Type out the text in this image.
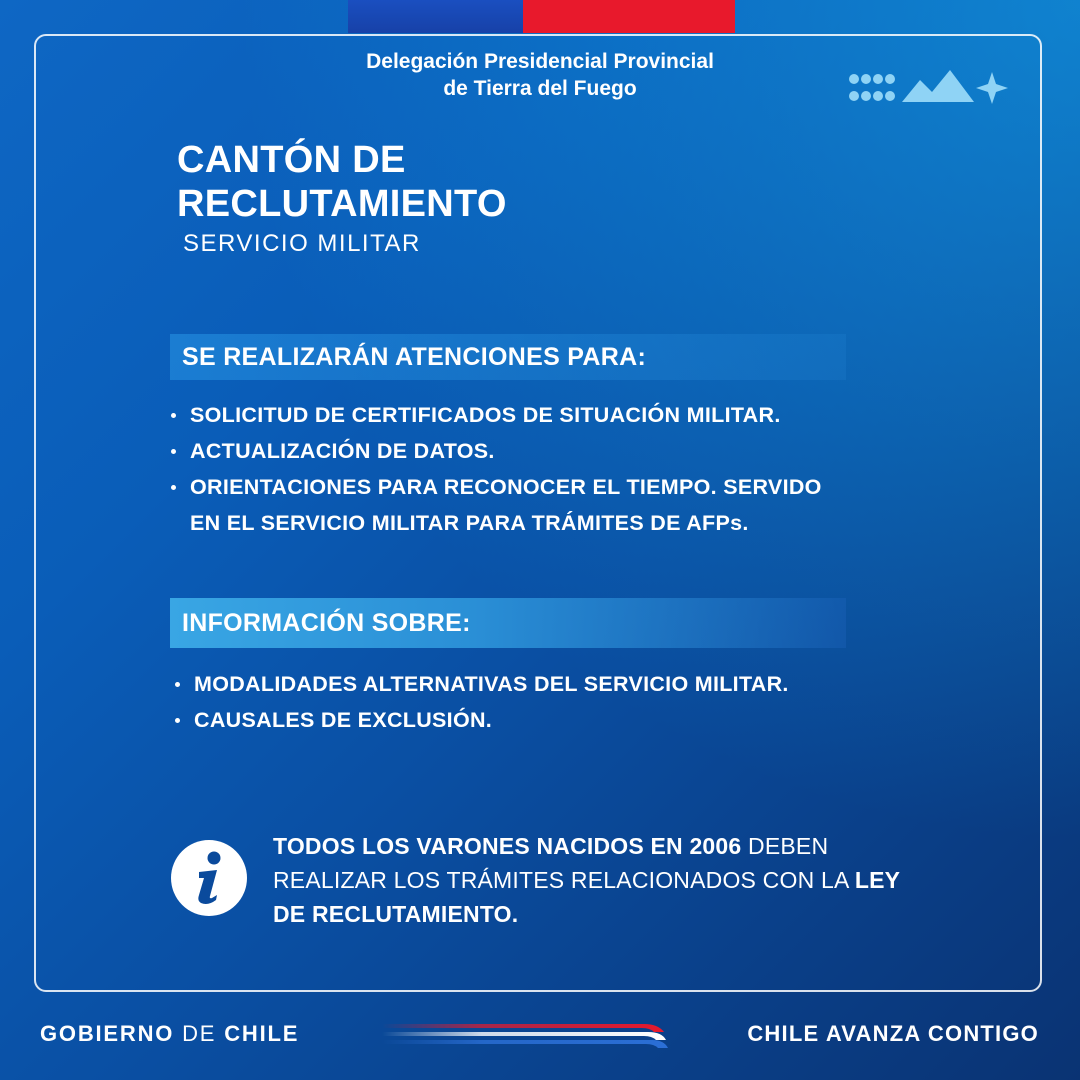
Delegación Presidencial Provincial
de Tierra del Fuego
CANTÓN DE
RECLUTAMIENTO
SERVICIO MILITAR
SE REALIZARÁN ATENCIONES PARA:
SOLICITUD DE CERTIFICADOS DE SITUACIÓN MILITAR.
ACTUALIZACIÓN DE DATOS.
ORIENTACIONES PARA RECONOCER EL TIEMPO. SERVIDO EN EL SERVICIO MILITAR PARA TRÁMITES DE AFPs.
INFORMACIÓN SOBRE:
MODALIDADES ALTERNATIVAS DEL SERVICIO MILITAR.
CAUSALES DE EXCLUSIÓN.
TODOS LOS VARONES NACIDOS EN 2006 DEBEN REALIZAR LOS TRÁMITES RELACIONADOS CON LA LEY DE RECLUTAMIENTO.
GOBIERNO DE CHILE	CHILE AVANZA CONTIGO
